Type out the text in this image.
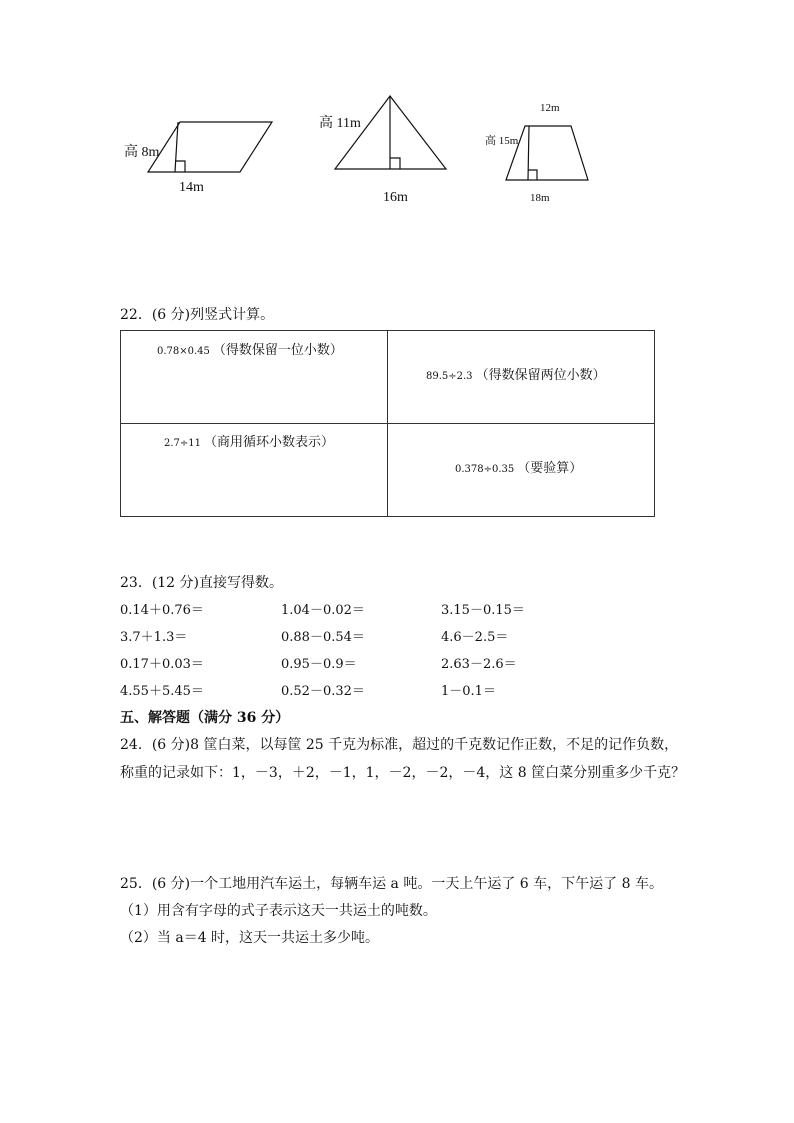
高 8m
14m
高 11m
16m
12m
高 15m
18m
22．(6 分)列竖式计算。
0.78×0.45 （得数保留一位小数）	89.5÷2.3 （得数保留两位小数）

2.7÷11 （商用循环小数表示）	0.378÷0.35 （要验算）
23．(12 分)直接写得数。
0.14＋0.76＝	1.04－0.02＝	3.15－0.15＝
3.7＋1.3＝	0.88－0.54＝	4.6－2.5＝
0.17＋0.03＝	0.95－0.9＝	2.63－2.6＝
4.55＋5.45＝	0.52－0.32＝	1－0.1＝
五、解答题（满分 36 分）
24．(6 分)8 筐白菜，以每筐 25 千克为标准，超过的千克数记作正数，不足的记作负数，
称重的记录如下：1，－3，＋2，－1，1，－2，－2，－4，这 8 筐白菜分别重多少千克？
25．(6 分)一个工地用汽车运土，每辆车运 a 吨。一天上午运了 6 车，下午运了 8 车。
（1）用含有字母的式子表示这天一共运土的吨数。
（2）当 a＝4 时，这天一共运土多少吨。
